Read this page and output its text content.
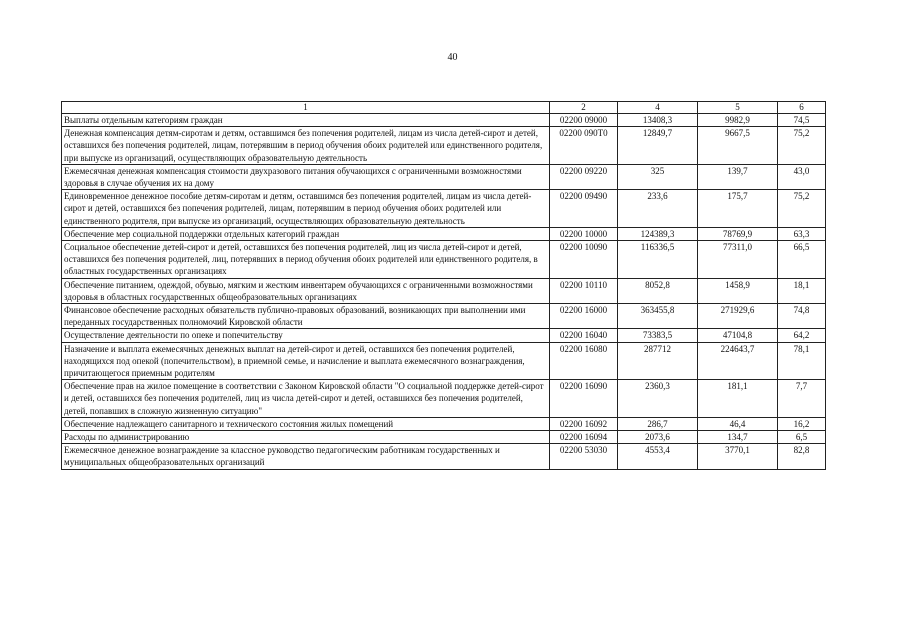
40
1	2	4	5	6
Выплаты отдельным категориям граждан	02200 09000	13408,3	9982,9	74,5
Денежная компенсация детям-сиротам и детям, оставшимся без попечения родителей, лицам из числа детей-сирот и детей, оставшихся без попечения родителей, лицам, потерявшим в период обучения обоих родителей или единственного родителя, при выпуске из организаций, осуществляющих образовательную деятельность	02200 090Т0	12849,7	9667,5	75,2
Ежемесячная денежная компенсация стоимости двухразового питания обучающихся с ограниченными возможностями здоровья в случае обучения их на дому	02200 09220	325	139,7	43,0
Единовременное денежное пособие детям-сиротам и детям, оставшимся без попечения родителей, лицам из числа детей-сирот и детей, оставшихся без попечения родителей, лицам, потерявшим в период обучения обоих родителей или единственного родителя, при выпуске из организаций, осуществляющих образовательную деятельность	02200 09490	233,6	175,7	75,2
Обеспечение мер социальной поддержки отдельных категорий граждан	02200 10000	124389,3	78769,9	63,3
Социальное обеспечение детей-сирот и детей, оставшихся без попечения родителей, лиц из числа детей-сирот и детей, оставшихся без попечения родителей, лиц, потерявших в период обучения обоих родителей или единственного родителя, в областных государственных организациях	02200 10090	116336,5	77311,0	66,5
Обеспечение питанием, одеждой, обувью, мягким и жестким инвентарем обучающихся с ограниченными возможностями здоровья в областных государственных общеобразовательных организациях	02200 10110	8052,8	1458,9	18,1
Финансовое обеспечение расходных обязательств публично-правовых образований, возникающих при выполнении ими переданных государственных полномочий Кировской области	02200 16000	363455,8	271929,6	74,8
Осуществление деятельности по опеке и попечительству	02200 16040	73383,5	47104,8	64,2
Назначение и выплата ежемесячных денежных выплат на детей-сирот и детей, оставшихся без попечения родителей, находящихся под опекой (попечительством), в приемной семье, и начисление и выплата ежемесячного вознаграждения, причитающегося приемным родителям	02200 16080	287712	224643,7	78,1
Обеспечение прав на жилое помещение в соответствии с Законом Кировской области "О социальной поддержке детей-сирот и детей, оставшихся без попечения родителей, лиц из числа детей-сирот и детей, оставшихся без попечения родителей, детей, попавших в сложную жизненную ситуацию"	02200 16090	2360,3	181,1	7,7
Обеспечение надлежащего санитарного и технического состояния жилых помещений	02200 16092	286,7	46,4	16,2
Расходы по администрированию	02200 16094	2073,6	134,7	6,5
Ежемесячное денежное вознаграждение за классное руководство педагогическим работникам государственных и муниципальных общеобразовательных организаций	02200 53030	4553,4	3770,1	82,8
